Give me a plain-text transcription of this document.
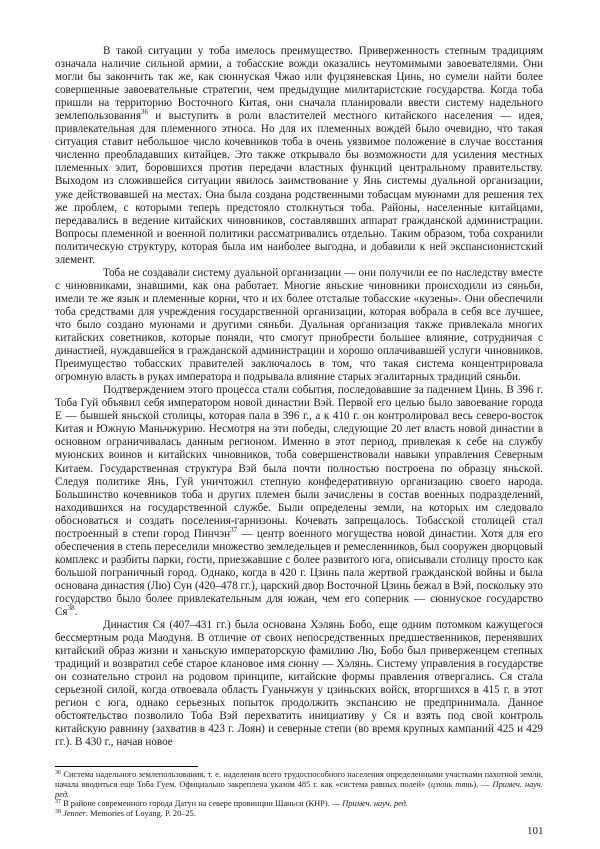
В такой ситуации у тоба имелось преимущество. Приверженность степным традициям означала наличие сильной армии, а тобасские вожди оказались неутомимыми завоевателями. Они могли бы закончить так же, как сюннуская Чжао или фуцзяневская Цинь, но сумели найти более совершенные завоевательные стратегии, чем предыдущие милитаристские государства. Когда тоба пришли на территорию Восточного Китая, они сначала планировали ввести систему надельного землепользования$^{36}$ и выступить в роли властителей местного китайского населения — идея, привлекательная для племенного этноса. Но для их племенных вождей было очевидно, что такая ситуация ставит небольшое число кочевников тоба в очень уязвимое положение в случае восстания численно преобладавших китайцев. Это также открывало бы возможности для усиления местных племенных элит, боровшихся против передачи властных функций центральному правительству. Выходом из сложившейся ситуации явилось заимствование у Янь системы дуальной организации, уже действовавшей на местах. Она была создана родственными тобасцам муюнами для решения тех же проблем, с которыми теперь предстояло столкнуться тоба. Районы, населенные китайцами, передавались в ведение китайских чиновников, составлявших аппарат гражданской администрации. Вопросы племенной и военной политики рассматривались отдельно. Таким образом, тоба сохранили политическую структуру, которая была им наиболее выгодна, и добавили к ней экспансионистский элемент.

Тоба не создавали систему дуальной организации — они получили ее по наследству вместе с чиновниками, знавшими, как она работает. Многие яньские чиновники происходили из сяньби, имели те же язык и племенные корни, что и их более отсталые тобасские «кузены». Они обеспечили тоба средствами для учреждения государственной организации, которая вобрала в себя все лучшее, что было создано муюнами и другими сяньби. Дуальная организация также привлекала многих китайских советников, которые поняли, что смогут приобрести большее влияние, сотрудничая с династией, нуждавшейся в гражданской администрации и хорошо оплачивавшей услуги чиновников. Преимущество тобасских правителей заключалось в том, что такая система концентрировала огромную власть в руках императора и подрывала влияние старых эгалитарных традиций сяньби.

Подтверждением этого процесса стали события, последовавшие за падением Цинь. В 396 г. Тоба Гуй объявил себя императором новой династии Вэй. Первой его целью было завоевание города Е — бывшей яньской столицы, которая пала в 396 г., а к 410 г. он контролировал весь северо-восток Китая и Южную Маньчжурию. Несмотря на эти победы, следующие 20 лет власть новой династии в основном ограничивалась данным регионом. Именно в этот период, привлекая к себе на службу муюнских воинов и китайских чиновников, тоба совершенствовали навыки управления Северным Китаем. Государственная структура Вэй была почти полностью построена по образцу яньской. Следуя политике Янь, Гуй уничтожил степную конфедеративную организацию своего народа. Большинство кочевников тоба и других племен были зачислены в состав военных подразделений, находившихся на государственной службе. Были определены земли, на которых им следовало обосноваться и создать поселения-гарнизоны. Кочевать запрещалось. Тобасской столицей стал построенный в степи город Пинчэн$^{37}$ — центр военного могущества новой династии. Хотя для его обеспечения в степь переселили множество земледельцев и ремесленников, был сооружен дворцовый комплекс и разбиты парки, гости, приезжавшие с более развитого юга, описывали столицу просто как большой пограничный город. Однако, когда в 420 г. Цзинь пала жертвой гражданской войны и была основана династия (Лю) Сун (420–478 гг.), царский двор Восточной Цзинь бежал в Вэй, поскольку это государство было более привлекательным для южан, чем его соперник — сюннуское государство $Ся^{38}$.

Династия Ся (407–431 гг.) была основана Хэлянь Бобо, еще одним потомком кажущегося бессмертным рода Маодуня. В отличие от своих непосредственных предшественников, перенявших китайский образ жизни и ханьскую императорскую фамилию Лю, Бобо был приверженцем степных традиций и возвратил себе старое клановое имя сюнну — Хэлянь. Систему управления в государстве он сознательно строил на родовом принципе, китайские формы правления отвергались. Ся стала серьезной силой, когда отвоевала область Гуаньчжун у цзиньских войск, вторгшихся в 415 г. в этот регион с юга, однако серьезных попыток продолжить экспансию не предпринимала. Данное обстоятельство позволило Тоба Вэй перехватить инициативу у Ся и взять под свой контроль китайскую равнину (захватив в 423 г. Лоян) и северные степи (во время крупных кампаний 425 и 429 гг.). В 430 г., начав новое

$^{36}$ Система надельного землепользования, т. е. наделения всего трудоспособного населения определенными участками пахотной земли, начала вводиться еще Тоба Гуем. Официально закреплена указом 485 г. как «система равных полей» (цзюнь тянь). — Примеч. науч. ред.

$^{37}$ В районе современного города Датун на севере провинции Шаньси (КНР). — Примеч. науч. ред.

$^{38}$ Jenner. Memories of Loyang. P. 20–25.

101
